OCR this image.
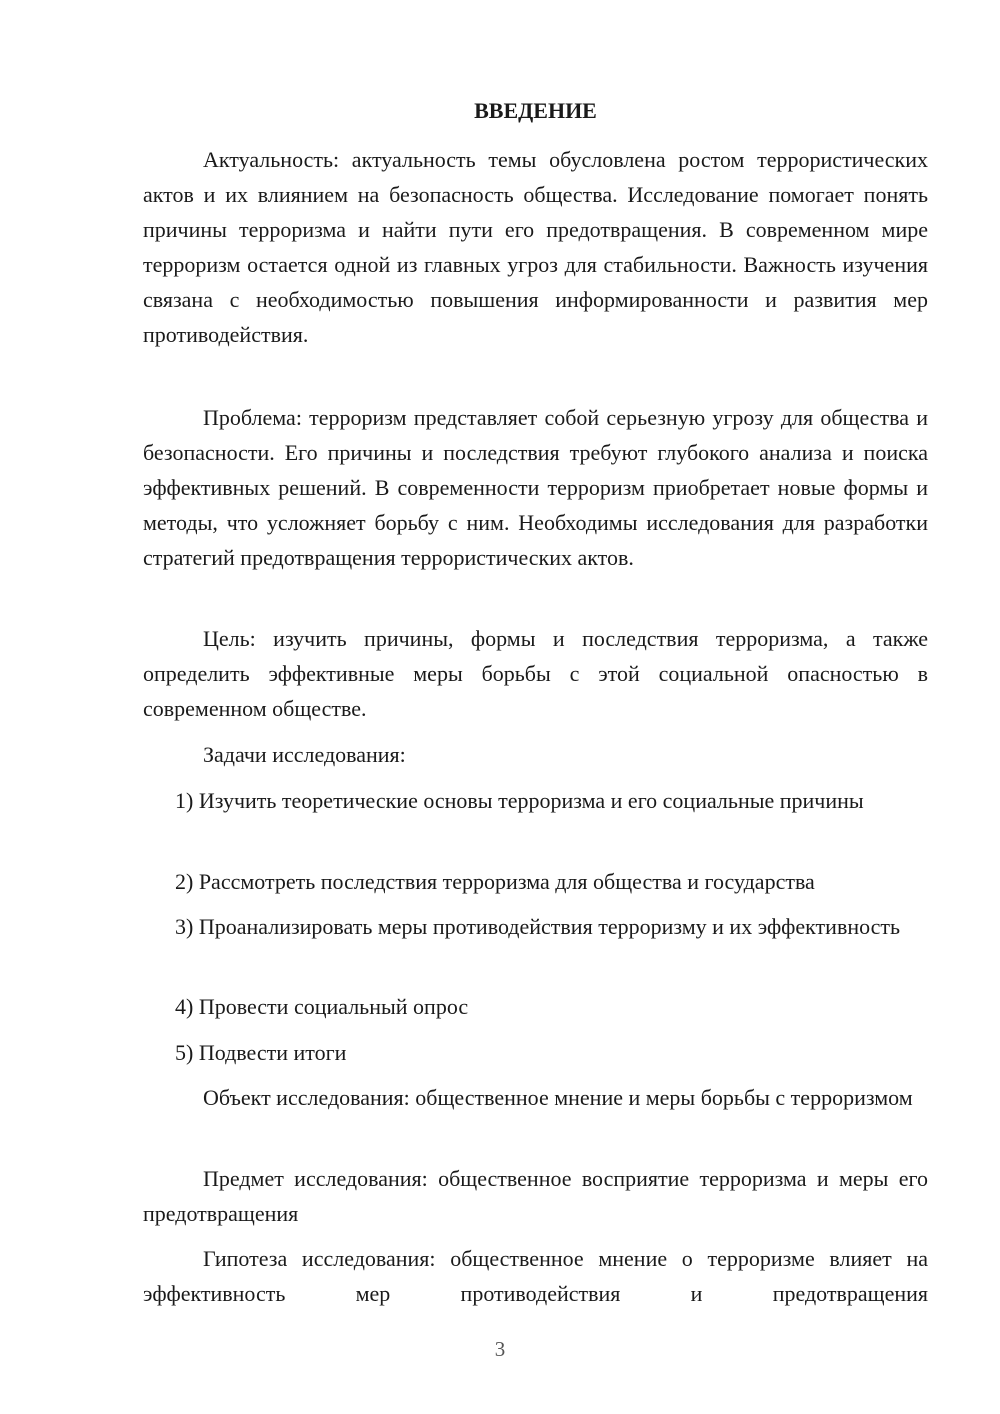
ВВЕДЕНИЕ

Актуальность: актуальность темы обусловлена ростом террористических актов и их влиянием на безопасность общества. Исследование помогает понять причины терроризма и найти пути его предотвращения. В современном мире терроризм остается одной из главных угроз для стабильности. Важность изучения связана с необходимостью повышения информированности и развития мер противодействия.

Проблема: терроризм представляет собой серьезную угрозу для общества и безопасности. Его причины и последствия требуют глубокого анализа и поиска эффективных решений. В современности терроризм приобретает новые формы и методы, что усложняет борьбу с ним. Необходимы исследования для разработки стратегий предотвращения террористических актов.

Цель: изучить причины, формы и последствия терроризма, а также определить эффективные меры борьбы с этой социальной опасностью в современном обществе.

Задачи исследования:

1) Изучить теоретические основы терроризма и его социальные причины

2) Рассмотреть последствия терроризма для общества и государства

3) Проанализировать меры противодействия терроризму и их эффективность

4) Провести социальный опрос

5) Подвести итоги

Объект исследования: общественное мнение и меры борьбы с терроризмом

Предмет исследования: общественное восприятие терроризма и меры его предотвращения

Гипотеза исследования: общественное мнение о терроризме влияет на эффективность мер противодействия и предотвращения

3
